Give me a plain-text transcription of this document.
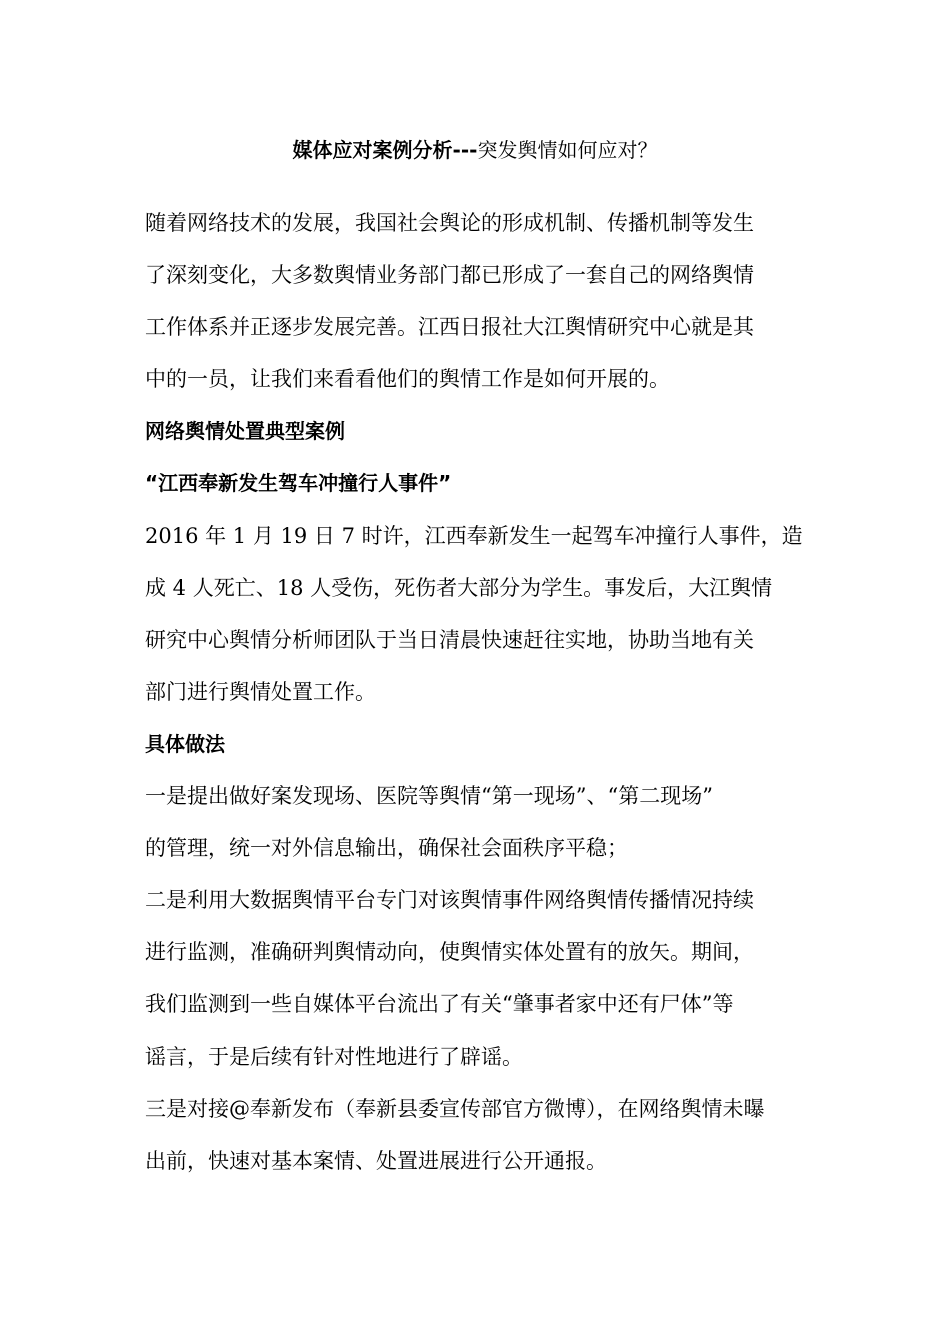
媒体应对案例分析---突发舆情如何应对？
随着网络技术的发展，我国社会舆论的形成机制、传播机制等发生
了深刻变化，大多数舆情业务部门都已形成了一套自己的网络舆情
工作体系并正逐步发展完善。江西日报社大江舆情研究中心就是其
中的一员，让我们来看看他们的舆情工作是如何开展的。
网络舆情处置典型案例
“江西奉新发生驾车冲撞行人事件”
2016 年 1 月 19 日 7 时许，江西奉新发生一起驾车冲撞行人事件，造
成 4 人死亡、18 人受伤，死伤者大部分为学生。事发后，大江舆情
研究中心舆情分析师团队于当日清晨快速赶往实地，协助当地有关
部门进行舆情处置工作。
具体做法
一是提出做好案发现场、医院等舆情“第一现场”、“第二现场”
的管理，统一对外信息输出，确保社会面秩序平稳；
二是利用大数据舆情平台专门对该舆情事件网络舆情传播情况持续
进行监测，准确研判舆情动向，使舆情实体处置有的放矢。期间，
我们监测到一些自媒体平台流出了有关“肇事者家中还有尸体”等
谣言，于是后续有针对性地进行了辟谣。
三是对接@奉新发布（奉新县委宣传部官方微博），在网络舆情未曝
出前，快速对基本案情、处置进展进行公开通报。
